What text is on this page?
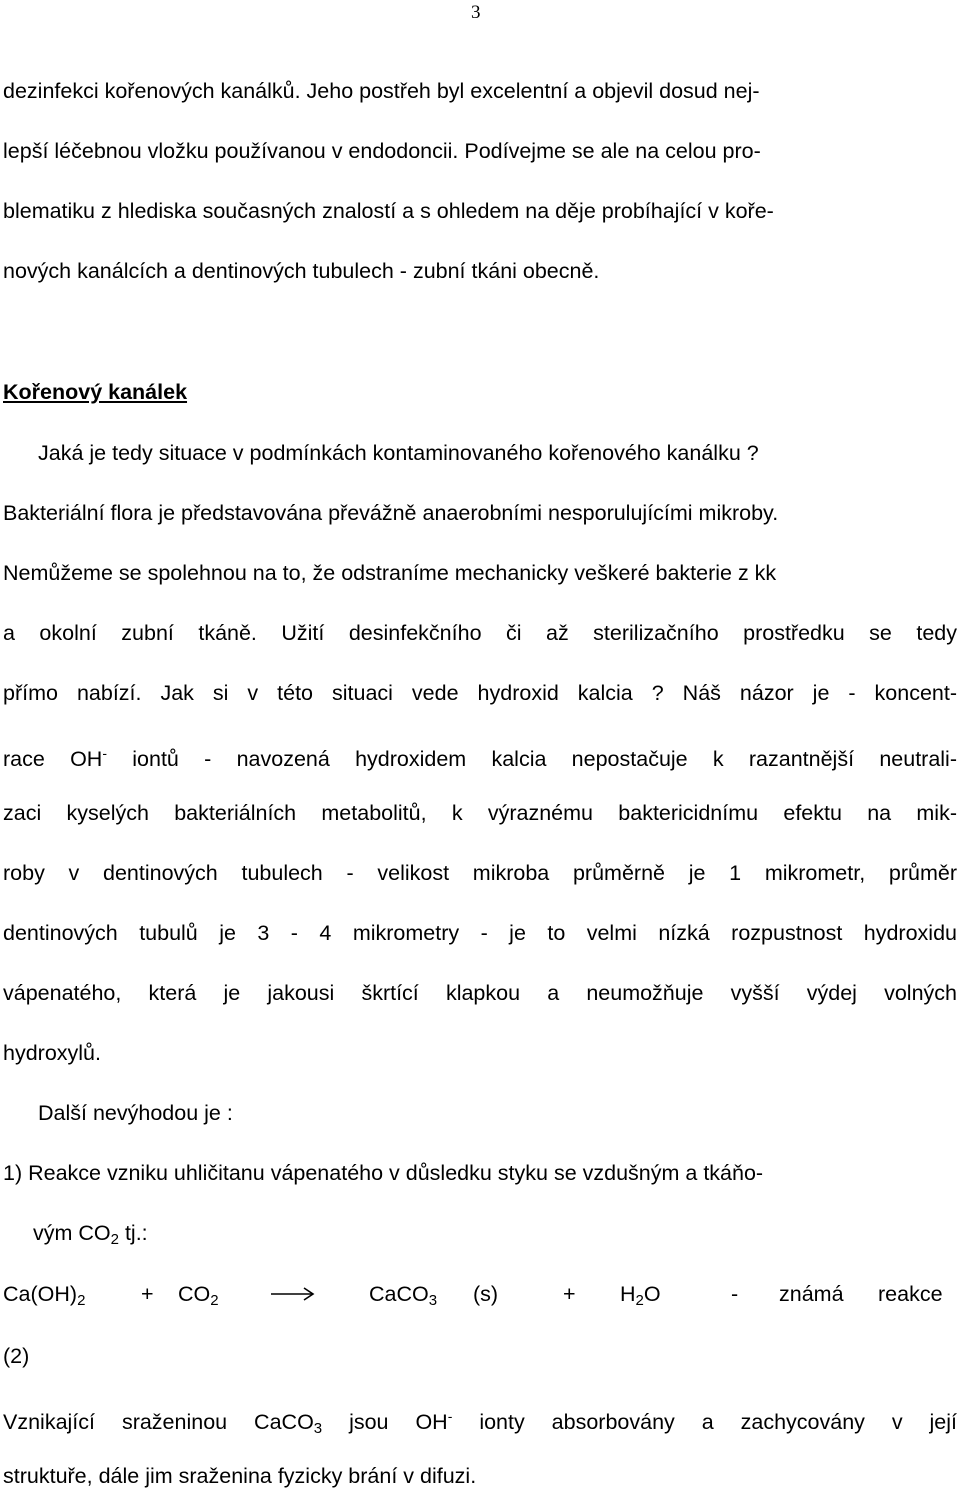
3
dezinfekci kořenových kanálků. Jeho postřeh byl excelentní a objevil dosud nej-
lepší léčebnou vložku používanou v endodoncii. Podívejme se ale na celou pro-
blematiku z hlediska současných znalostí a s ohledem na děje probíhající v koře-
nových kanálcích a dentinových tubulech - zubní tkáni obecně.
Kořenový kanálek
Jaká je tedy situace v podmínkách kontaminovaného kořenového kanálku ?
Bakteriální flora je představována převážně anaerobními nesporulujícími mikroby.
Nemůžeme se spolehnou na to, že odstraníme mechanicky veškeré bakterie z kk
a okolní zubní tkáně. Užití desinfekčního či až sterilizačního prostředku se tedy
přímo nabízí. Jak si v této situaci vede hydroxid kalcia ? Náš názor je - koncent-
race OH- iontů - navozená hydroxidem kalcia nepostačuje k razantnější neutrali-
zaci kyselých bakteriálních metabolitů, k výraznému baktericidnímu efektu na mik-
roby v dentinových tubulech - velikost mikroba průměrně je 1 mikrometr, průměr
dentinových tubulů je 3 - 4 mikrometry - je to velmi nízká rozpustnost hydroxidu
vápenatého, která je jakousi škrtící klapkou a neumožňuje vyšší výdej volných
hydroxylů.
Další nevýhodou je :
1) Reakce vzniku uhličitanu vápenatého v důsledku styku se vzdušným a tkáňo-
vým $CO_2$ tj.:
$Ca(OH)_2$	+ $CO_2$	CaCO$_3$ (s)	+ $H_2O$	- známá reakce
(2)
Vznikající sraženinou CaCO$_3$ jsou OH- ionty absorbovány a zachycovány v její
struktuře, dále jim sraženina fyzicky brání v difuzi.
